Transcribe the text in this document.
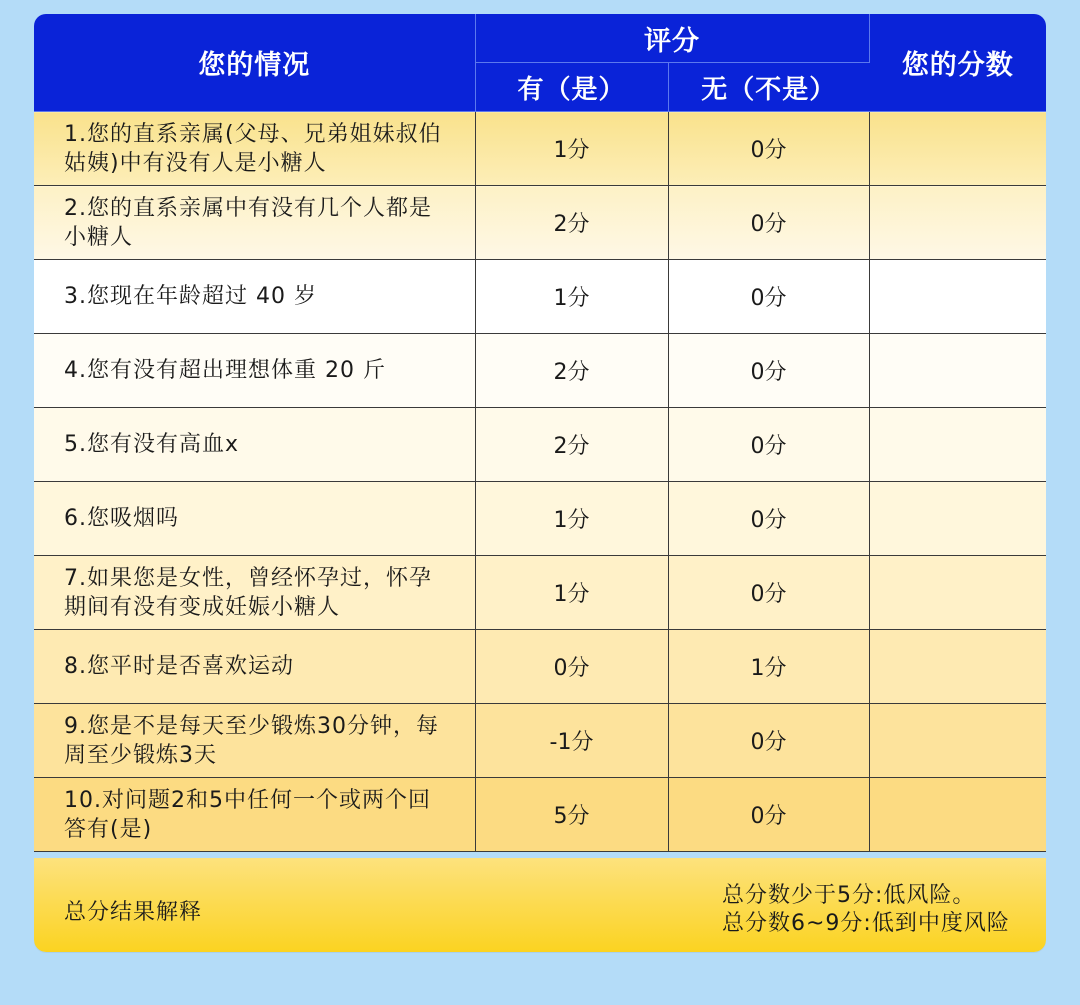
您的情况	评分		您的分数
	有（是）	无（不是）	
1.您的直系亲属(父母、兄弟姐妹叔伯姑姨)中有没有人是小糖人	1分	0分	
2.您的直系亲属中有没有几个人都是小糖人	2分	0分	
3.您现在年龄超过 40 岁	1分	0分	
4.您有没有超出理想体重 20 斤	2分	0分	
5.您有没有高血x	2分	0分	
6.您吸烟吗	1分	0分	
7.如果您是女性，曾经怀孕过，怀孕期间有没有变成妊娠小糖人	1分	0分	
8.您平时是否喜欢运动	0分	1分	
9.您是不是每天至少锻炼30分钟，每周至少锻炼3天	-1分	0分	
10.对问题2和5中任何一个或两个回答有(是)	5分	0分	
总分结果解释
总分数少于5分:低风险。
总分数6~9分:低到中度风险
